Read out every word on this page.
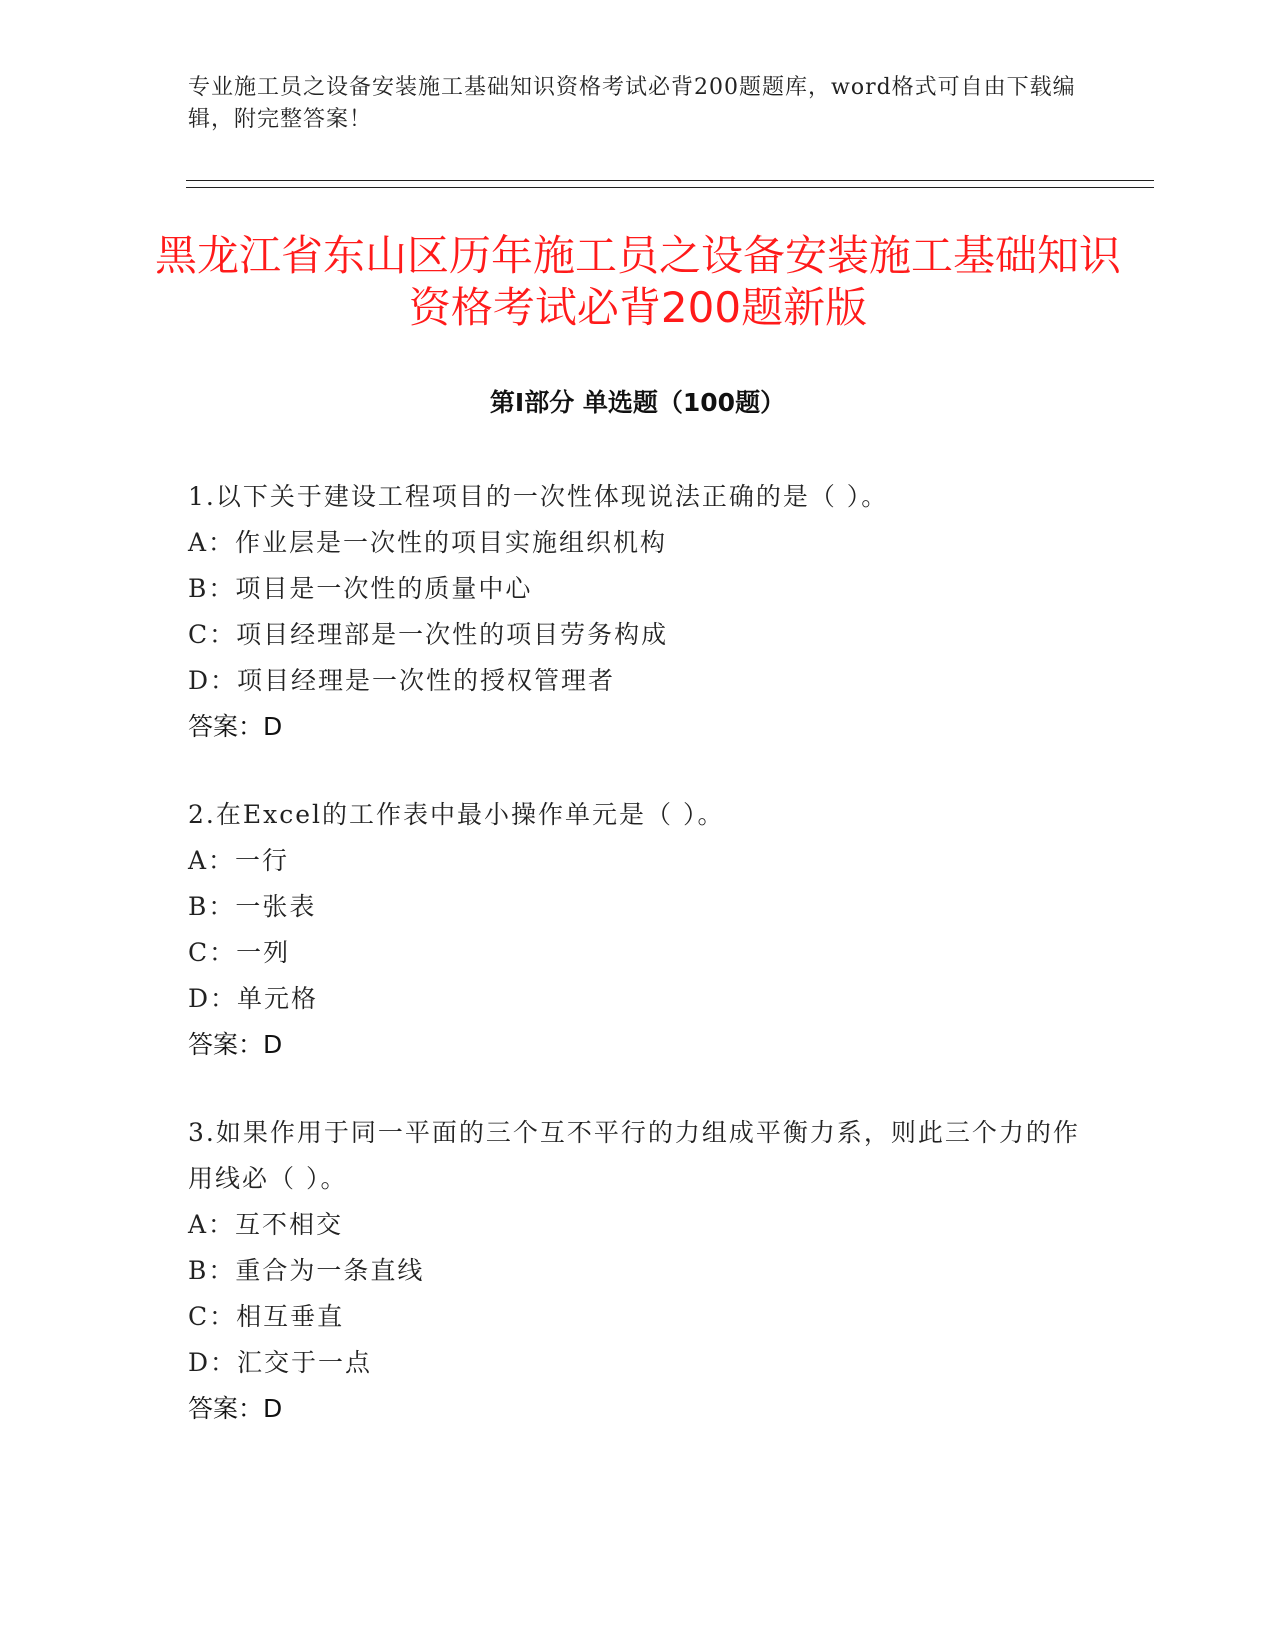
专业施工员之设备安装施工基础知识资格考试必背200题题库，word格式可自由下载编辑，附完整答案！
黑龙江省东山区历年施工员之设备安装施工基础知识资格考试必背200题新版
第I部分 单选题（100题）
1.以下关于建设工程项目的一次性体现说法正确的是（ ）。
A：作业层是一次性的项目实施组织机构
B：项目是一次性的质量中心
C：项目经理部是一次性的项目劳务构成
D：项目经理是一次性的授权管理者
答案：D
2.在Excel的工作表中最小操作单元是（ ）。
A：一行
B：一张表
C：一列
D：单元格
答案：D
3.如果作用于同一平面的三个互不平行的力组成平衡力系，则此三个力的作用线必（ ）。
A：互不相交
B：重合为一条直线
C：相互垂直
D：汇交于一点
答案：D
